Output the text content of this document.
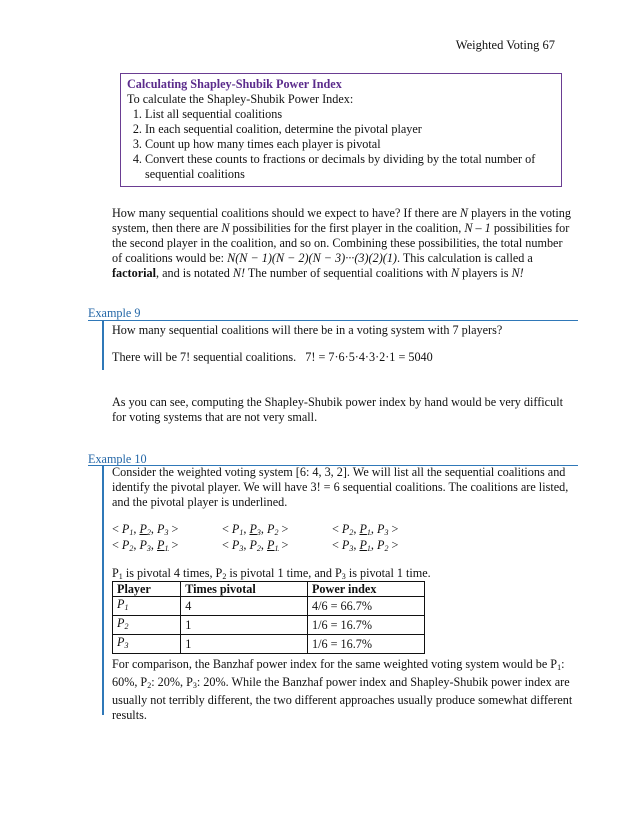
Weighted Voting 67
Calculating Shapley-Shubik Power Index
To calculate the Shapley-Shubik Power Index:
1. List all sequential coalitions
2. In each sequential coalition, determine the pivotal player
3. Count up how many times each player is pivotal
4. Convert these counts to fractions or decimals by dividing by the total number of sequential coalitions
How many sequential coalitions should we expect to have? If there are N players in the voting system, then there are N possibilities for the first player in the coalition, N – 1 possibilities for the second player in the coalition, and so on. Combining these possibilities, the total number of coalitions would be: N(N − 1)(N − 2)(N − 3)···(3)(2)(1). This calculation is called a factorial, and is notated N! The number of sequential coalitions with N players is N!
Example 9
How many sequential coalitions will there be in a voting system with 7 players?
There will be 7! sequential coalitions. 7! = 7·6·5·4·3·2·1 = 5040
As you can see, computing the Shapley-Shubik power index by hand would be very difficult for voting systems that are not very small.
Example 10
Consider the weighted voting system [6: 4, 3, 2]. We will list all the sequential coalitions and identify the pivotal player. We will have 3! = 6 sequential coalitions. The coalitions are listed, and the pivotal player is underlined.
< $P_1$, $P_2$, $P_3$ >	< $P_1$, $P_3$, $P_2$ >	< $P_2$, $P_1$, $P_3$ >
< $P_2$, $P_3$, $P_1$ >	< $P_3$, $P_2$, $P_1$ >	< $P_3$, $P_1$, $P_2$ >
$P_1$ is pivotal 4 times, $P_2$ is pivotal 1 time, and $P_3$ is pivotal 1 time.
Player	Times pivotal	Power index
$P_1$	4	4/6 = 66.7%
$P_2$	1	1/6 = 16.7%
$P_3$	1	1/6 = 16.7%
For comparison, the Banzhaf power index for the same weighted voting system would be $P_1$: 60%, $P_2$: 20%, $P_3$: 20%. While the Banzhaf power index and Shapley-Shubik power index are usually not terribly different, the two different approaches usually produce somewhat different results.
